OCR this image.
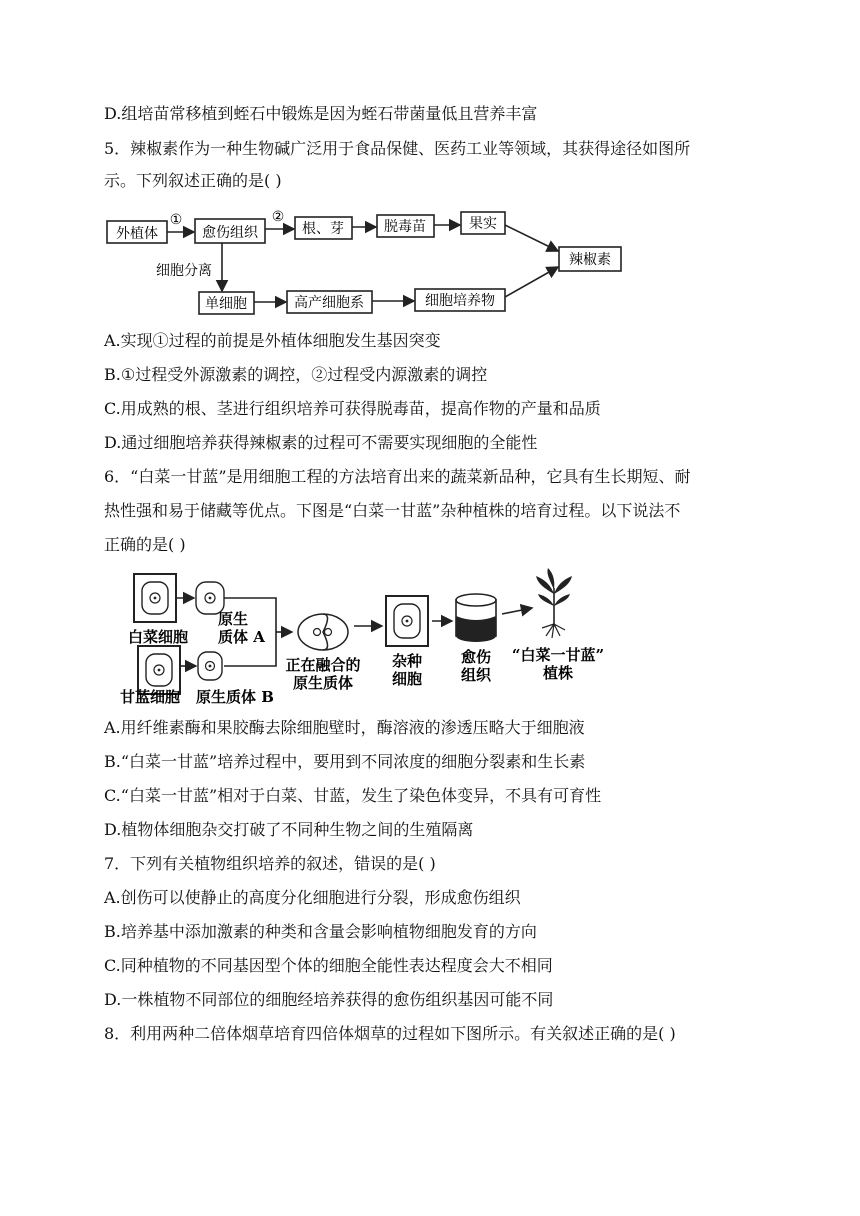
D.组培苗常移植到蛭石中锻炼是因为蛭石带菌量低且营养丰富
5．辣椒素作为一种生物碱广泛用于食品保健、医药工业等领域，其获得途径如图所
示。下列叙述正确的是( )
外植体
①
愈伤组织
②
根、芽	脱毒苗	果实
辣椒素
细胞分离
单细胞	高产细胞系	细胞培养物
A.实现①过程的前提是外植体细胞发生基因突变
B.①过程受外源激素的调控，②过程受内源激素的调控
C.用成熟的根、茎进行组织培养可获得脱毒苗，提高作物的产量和品质
D.通过细胞培养获得辣椒素的过程可不需要实现细胞的全能性
6．“白菜一甘蓝”是用细胞工程的方法培育出来的蔬菜新品种，它具有生长期短、耐
热性强和易于储藏等优点。下图是“白菜一甘蓝”杂种植株的培育过程。以下说法不
正确的是( )
白菜细胞
原生
质体 A
甘蓝细胞 原生质体 B
正在融合的
原生质体
杂种
细胞
愈伤
组织
“白菜一甘蓝”
植株
A.用纤维素酶和果胶酶去除细胞壁时，酶溶液的渗透压略大于细胞液
B.“白菜一甘蓝”培养过程中，要用到不同浓度的细胞分裂素和生长素
C.“白菜一甘蓝”相对于白菜、甘蓝，发生了染色体变异，不具有可育性
D.植物体细胞杂交打破了不同种生物之间的生殖隔离
7．下列有关植物组织培养的叙述，错误的是( )
A.创伤可以使静止的高度分化细胞进行分裂，形成愈伤组织
B.培养基中添加激素的种类和含量会影响植物细胞发育的方向
C.同种植物的不同基因型个体的细胞全能性表达程度会大不相同
D.一株植物不同部位的细胞经培养获得的愈伤组织基因可能不同
8．利用两种二倍体烟草培育四倍体烟草的过程如下图所示。有关叙述正确的是( )
